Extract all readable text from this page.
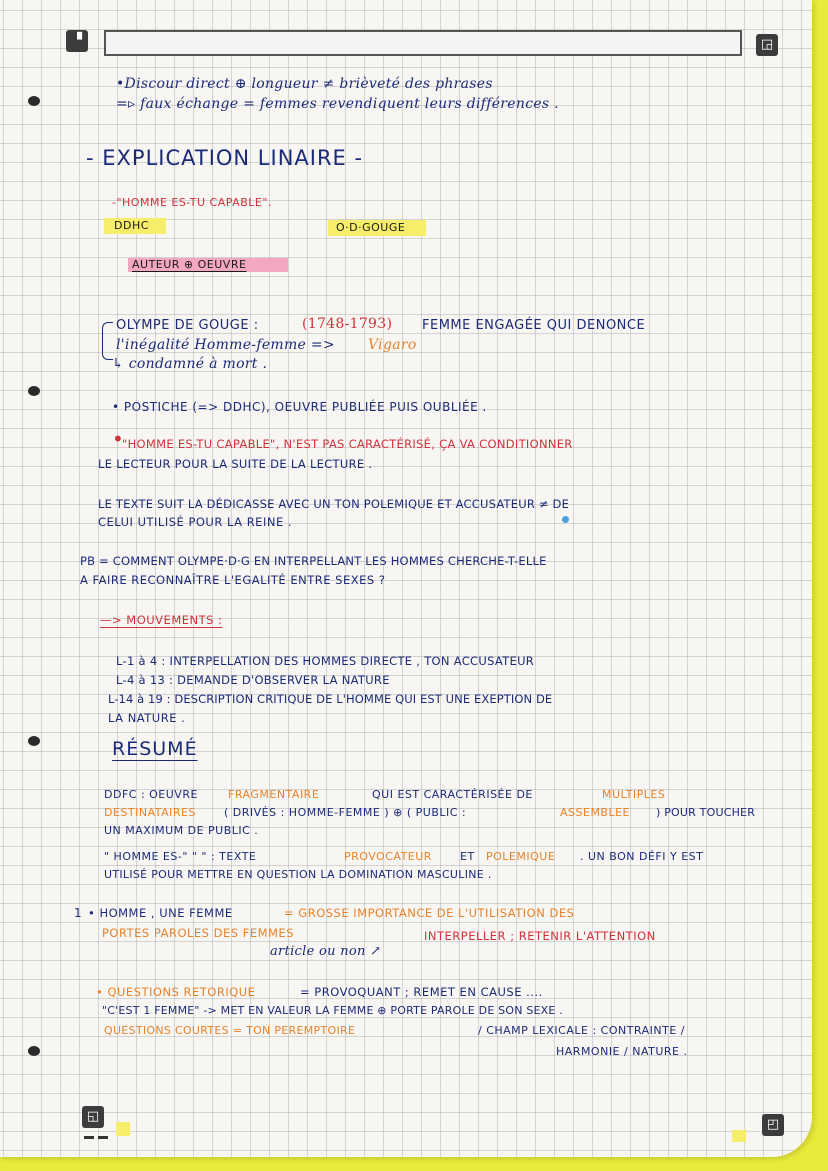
▝	◲
◱
◰
•Discour direct ⊕ longueur ≠ brièveté des phrases
=▹ faux échange = femmes revendiquent leurs différences .
- EXPLICATION LINAIRE -
-"HOMME ES-TU CAPABLE".
DDHC	O·D·GOUGE
AUTEUR ⊕ OEUVRE
OLYMPE DE GOUGE :	(1748-1793) FEMME ENGAGÉE QUI DENONCE
l'inégalité Homme-femme => Vigaro
↳ condamné à mort .
• POSTICHE (=> DDHC), OEUVRE PUBLIÉE PUIS OUBLIÉE .
•
"HOMME ES-TU CAPABLE", N'EST PAS CARACTÉRISÉ, ÇA VA CONDITIONNER
LE LECTEUR POUR LA SUITE DE LA LECTURE .
LE TEXTE SUIT LA DÉDICASSE AVEC UN TON POLEMIQUE ET ACCUSATEUR ≠ DE
CELUI UTILISÉ POUR LA REINE .
PB = COMMENT OLYMPE·D·G EN INTERPELLANT LES HOMMES CHERCHE-T-ELLE
A FAIRE RECONNAÎTRE L'EGALITÉ ENTRE SEXES ?
—> MOUVEMENTS :
L-1 à 4 : INTERPELLATION DES HOMMES DIRECTE , TON ACCUSATEUR
L-4 à 13 : DEMANDE D'OBSERVER LA NATURE
L-14 à 19 : DESCRIPTION CRITIQUE DE L'HOMME QUI EST UNE EXEPTION DE
LA NATURE .
RÉSUMÉ
DDFC : OEUVRE	FRAGMENTAIRE	QUI EST CARACTÉRISÉE DE	MULTIPLES
DESTINATAIRES	( DRIVÉS : HOMME-FEMME ) ⊕ ( PUBLIC :	ASSEMBLEE ) POUR TOUCHER
UN MAXIMUM DE PUBLIC .
" HOMME ES-" " " : TEXTE	PROVOCATEUR	ET POLEMIQUE . UN BON DÉFI Y EST
UTILISÉ POUR METTRE EN QUESTION LA DOMINATION MASCULINE .
1 • HOMME , UNE FEMME	= GROSSE IMPORTANCE DE L'UTILISATION DES
PORTES PAROLES DES FEMMES	INTERPELLER ; RETENIR L'ATTENTION
article ou non ↗
• QUESTIONS RETORIQUE	= PROVOQUANT ; REMET EN CAUSE ....
"C'EST 1 FEMME" -> MET EN VALEUR LA FEMME ⊕ PORTE PAROLE DE SON SEXE .
QUESTIONS COURTES = TON PEREMPTOIRE	/ CHAMP LEXICALE : CONTRAINTE /
HARMONIE / NATURE .
